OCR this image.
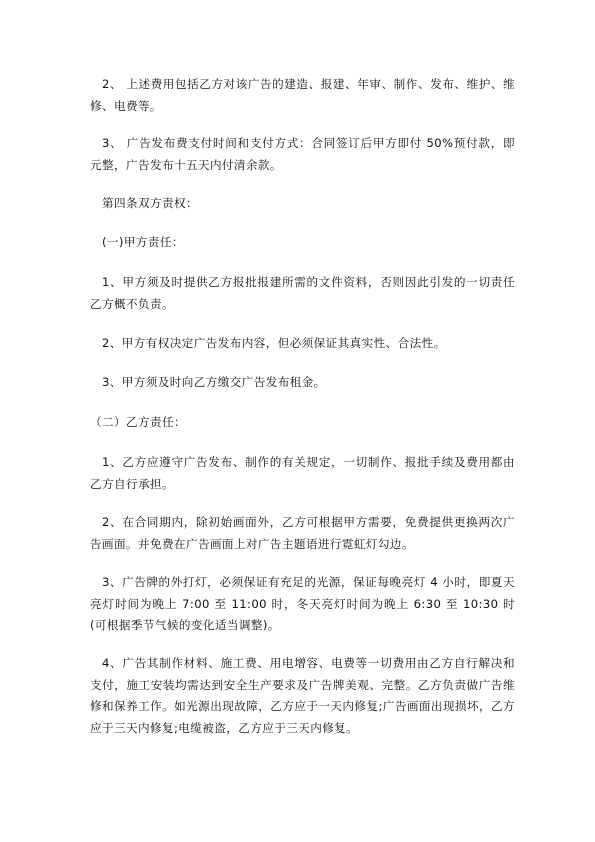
2、 上述费用包括乙方对该广告的建造、报建、年审、制作、发布、维护、维修、电费等。

3、 广告发布费支付时间和支付方式：合同签订后甲方即付 50%预付款，即 元整，广告发布十五天内付清余款。

第四条双方责权：

(一)甲方责任：

1、甲方须及时提供乙方报批报建所需的文件资料，否则因此引发的一切责任乙方概不负责。

2、甲方有权决定广告发布内容，但必须保证其真实性、合法性。

3、甲方须及时向乙方缴交广告发布租金。

（二）乙方责任：

1、乙方应遵守广告发布、制作的有关规定，一切制作、报批手续及费用都由乙方自行承担。

2、在合同期内，除初始画面外，乙方可根据甲方需要，免费提供更换两次广告画面。并免费在广告画面上对广告主题语进行霓虹灯勾边。

3、广告牌的外打灯，必须保证有充足的光源，保证每晚亮灯 4 小时，即夏天亮灯时间为晚上 7:00 至 11:00 时，冬天亮灯时间为晚上 6:30 至 10:30 时(可根据季节气候的变化适当调整)。

4、广告其制作材料、施工费、用电增容、电费等一切费用由乙方自行解决和支付，施工安装均需达到安全生产要求及广告牌美观、完整。乙方负责做广告维修和保养工作。如光源出现故障，乙方应于一天内修复;广告画面出现损坏，乙方应于三天内修复;电缆被盗，乙方应于三天内修复。
